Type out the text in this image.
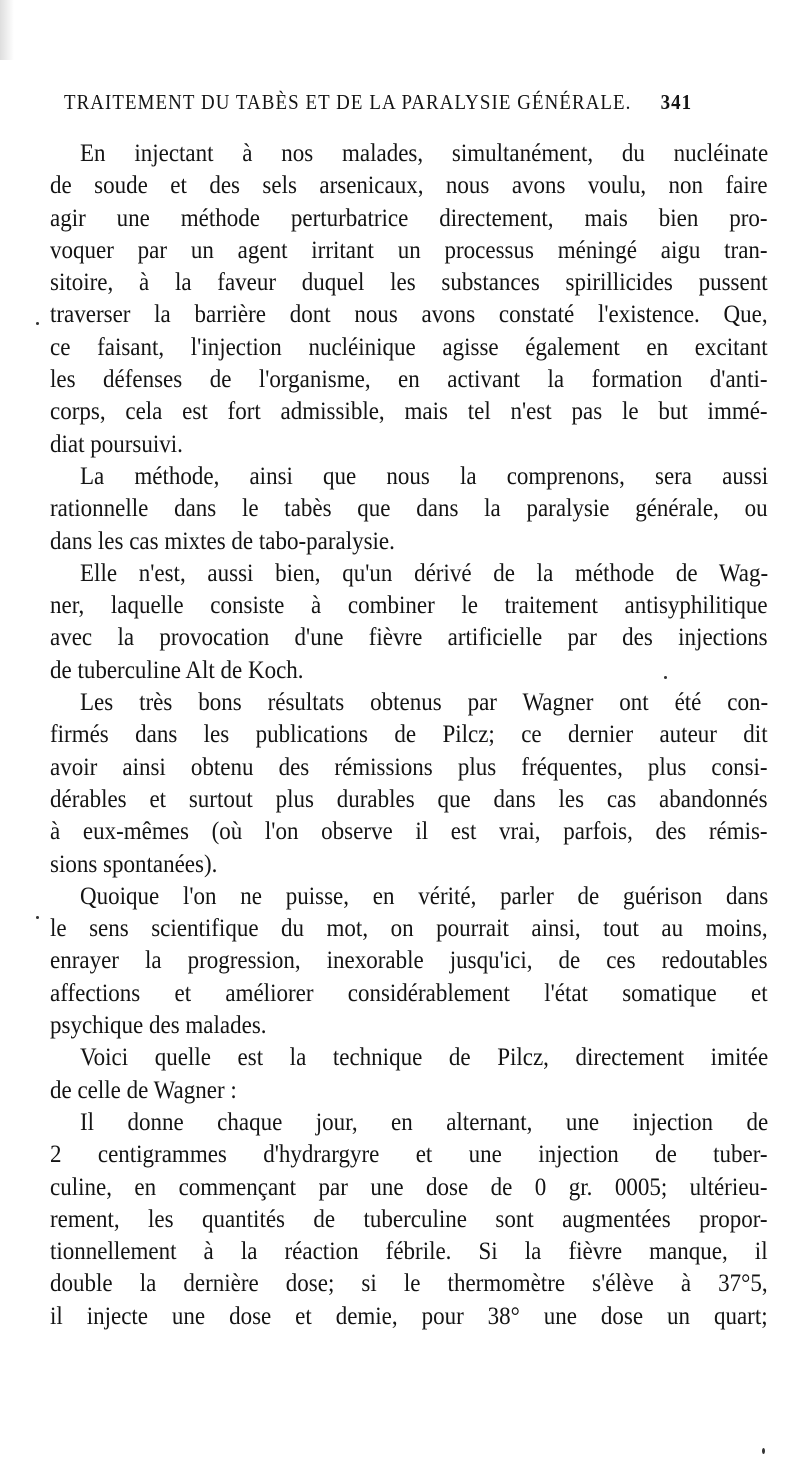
TRAITEMENT DU TABÈS ET DE LA PARALYSIE GÉNÉRALE. 341
En injectant à nos malades, simultanément, du nucléinate
de soude et des sels arsenicaux, nous avons voulu, non faire
agir une méthode perturbatrice directement, mais bien pro-
voquer par un agent irritant un processus méningé aigu tran-
sitoire, à la faveur duquel les substances spirillicides pussent
traverser la barrière dont nous avons constaté l'existence. Que,
ce faisant, l'injection nucléinique agisse également en excitant
les défenses de l'organisme, en activant la formation d'anti-
corps, cela est fort admissible, mais tel n'est pas le but immé-
diat poursuivi.
La méthode, ainsi que nous la comprenons, sera aussi
rationnelle dans le tabès que dans la paralysie générale, ou
dans les cas mixtes de tabo-paralysie.
Elle n'est, aussi bien, qu'un dérivé de la méthode de Wag-
ner, laquelle consiste à combiner le traitement antisyphilitique
avec la provocation d'une fièvre artificielle par des injections
de tuberculine Alt de Koch.
Les très bons résultats obtenus par Wagner ont été con-
firmés dans les publications de Pilcz; ce dernier auteur dit
avoir ainsi obtenu des rémissions plus fréquentes, plus consi-
dérables et surtout plus durables que dans les cas abandonnés
à eux-mêmes (où l'on observe il est vrai, parfois, des rémis-
sions spontanées).
Quoique l'on ne puisse, en vérité, parler de guérison dans
le sens scientifique du mot, on pourrait ainsi, tout au moins,
enrayer la progression, inexorable jusqu'ici, de ces redoutables
affections et améliorer considérablement l'état somatique et
psychique des malades.
Voici quelle est la technique de Pilcz, directement imitée
de celle de Wagner :
Il donne chaque jour, en alternant, une injection de
2 centigrammes d'hydrargyre et une injection de tuber-
culine, en commençant par une dose de 0 gr. 0005; ultérieu-
rement, les quantités de tuberculine sont augmentées propor-
tionnellement à la réaction fébrile. Si la fièvre manque, il
double la dernière dose; si le thermomètre s'élève à 37°5,
il injecte une dose et demie, pour 38° une dose un quart;
